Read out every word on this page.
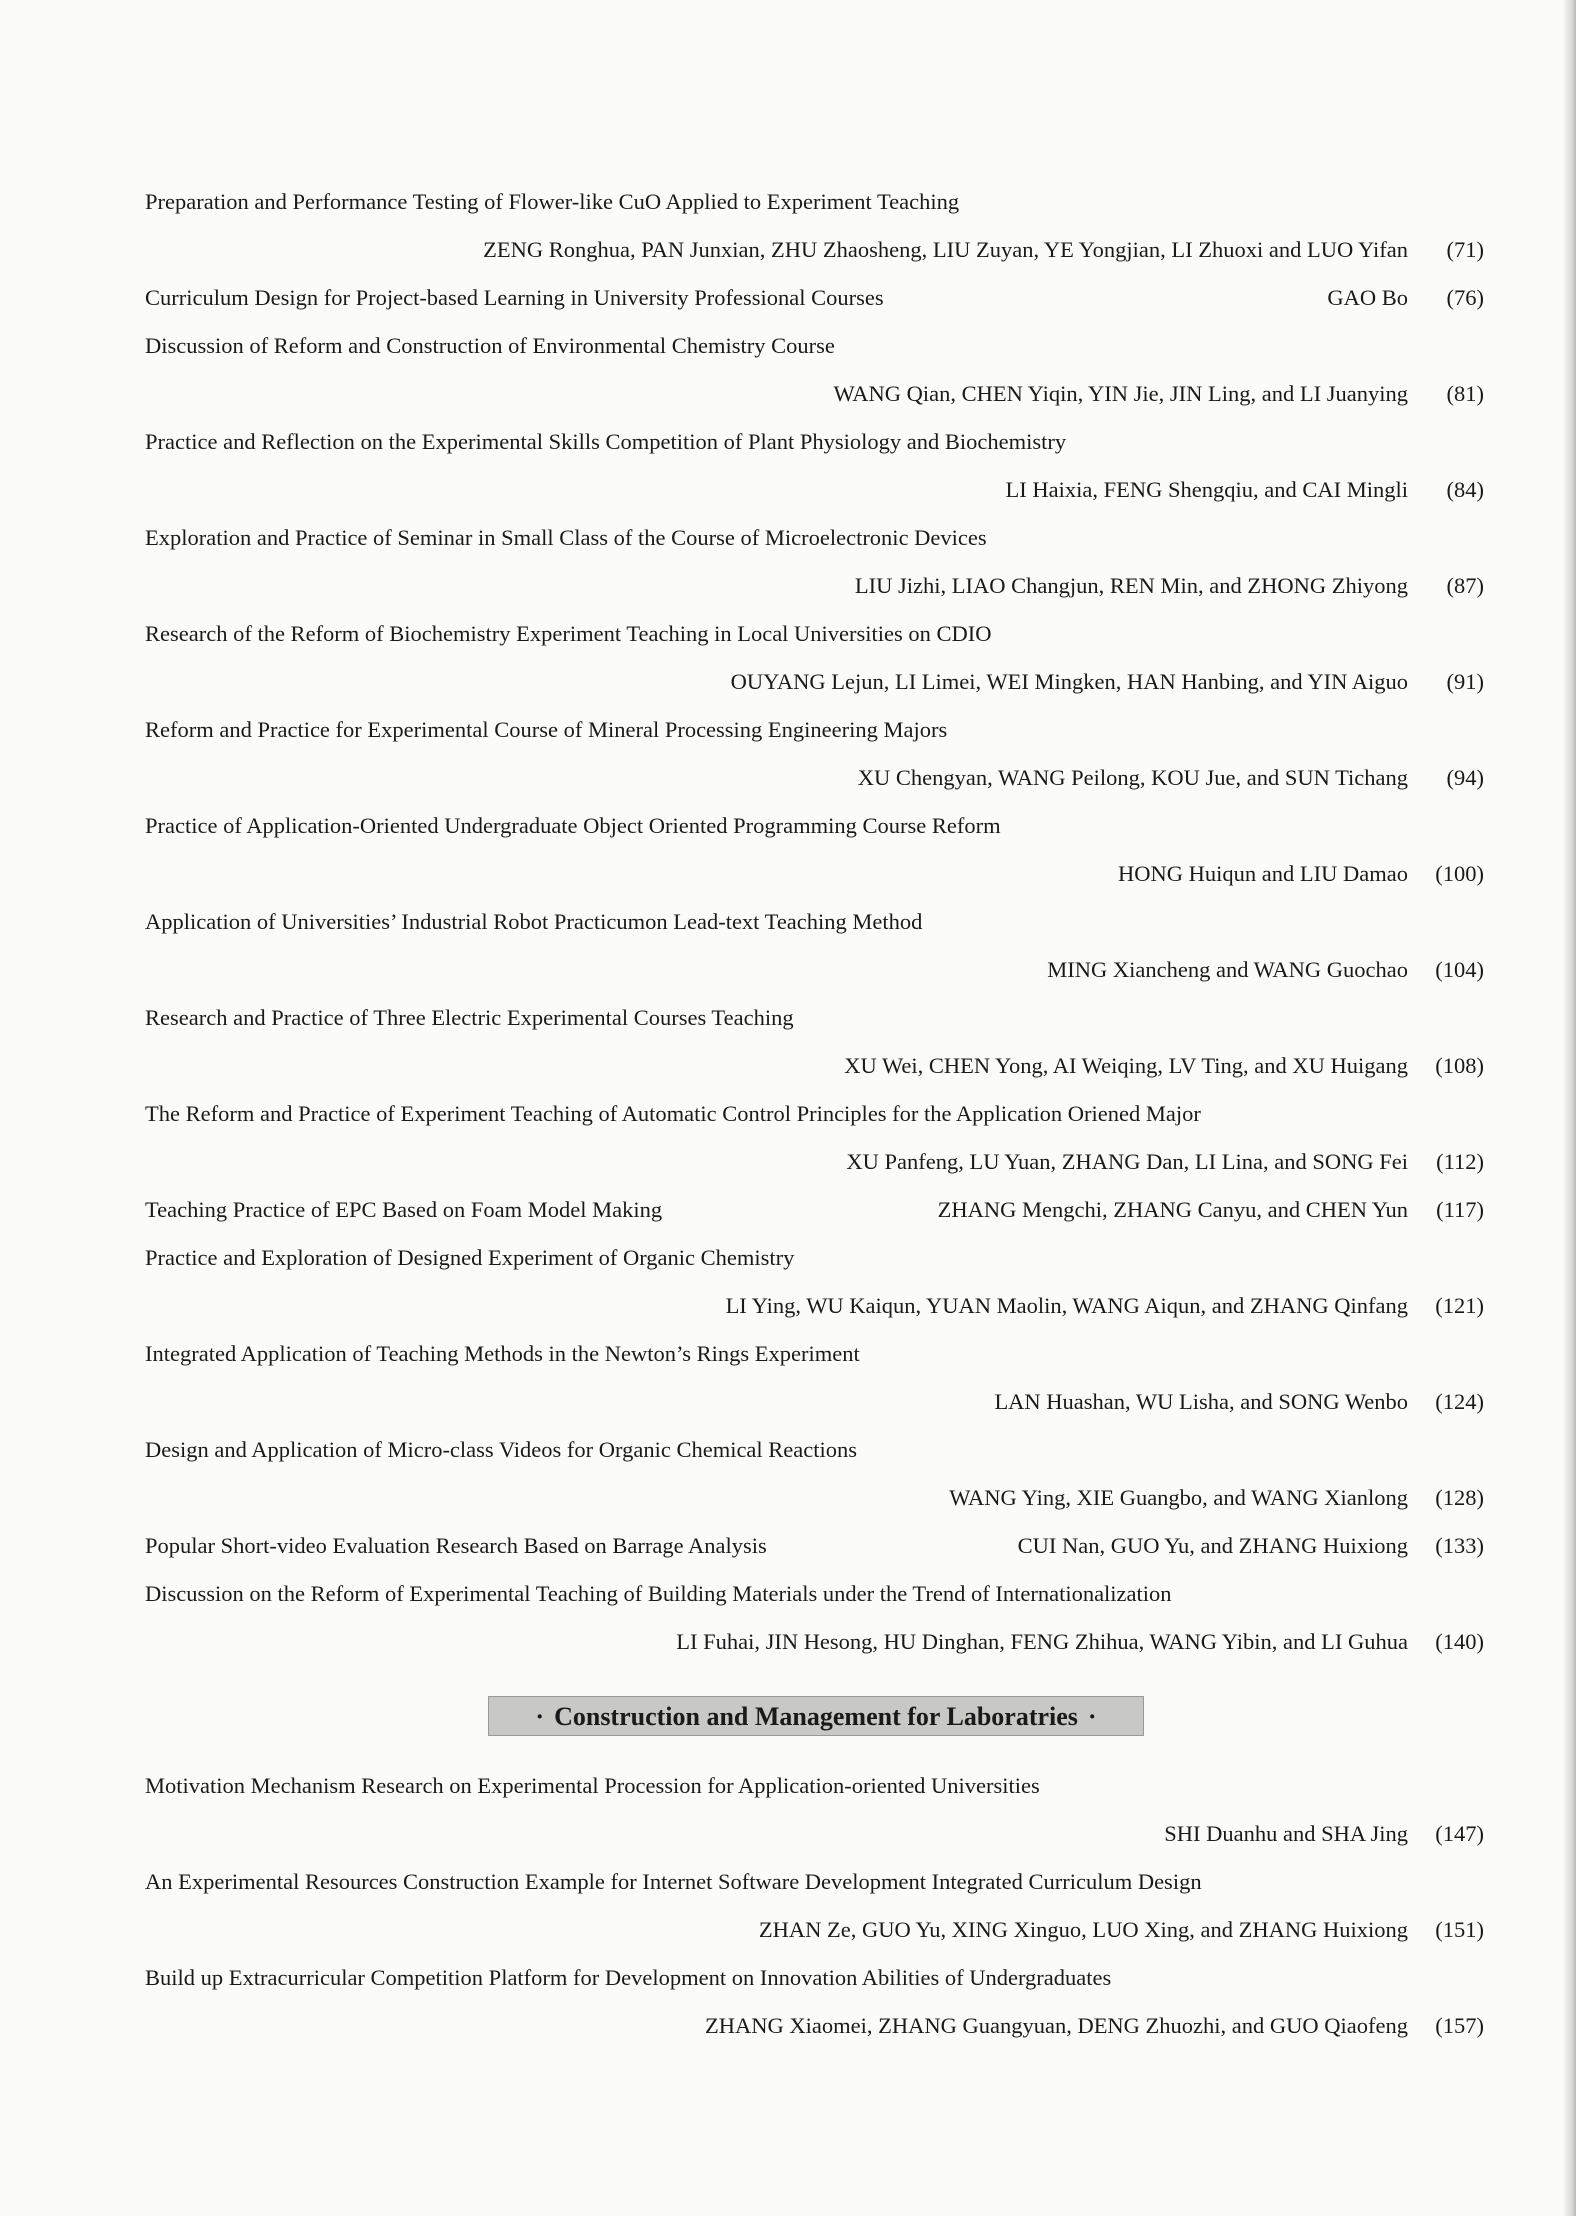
Preparation and Performance Testing of Flower-like CuO Applied to Experiment Teaching
ZENG Ronghua, PAN Junxian, ZHU Zhaosheng, LIU Zuyan, YE Yongjian, LI Zhuoxi and LUO Yifan	(71)
Curriculum Design for Project-based Learning in University Professional Courses	GAO Bo	(76)
Discussion of Reform and Construction of Environmental Chemistry Course
WANG Qian, CHEN Yiqin, YIN Jie, JIN Ling, and LI Juanying	(81)
Practice and Reflection on the Experimental Skills Competition of Plant Physiology and Biochemistry
LI Haixia, FENG Shengqiu, and CAI Mingli	(84)
Exploration and Practice of Seminar in Small Class of the Course of Microelectronic Devices
LIU Jizhi, LIAO Changjun, REN Min, and ZHONG Zhiyong	(87)
Research of the Reform of Biochemistry Experiment Teaching in Local Universities on CDIO
OUYANG Lejun, LI Limei, WEI Mingken, HAN Hanbing, and YIN Aiguo	(91)
Reform and Practice for Experimental Course of Mineral Processing Engineering Majors
XU Chengyan, WANG Peilong, KOU Jue, and SUN Tichang	(94)
Practice of Application-Oriented Undergraduate Object Oriented Programming Course Reform
HONG Huiqun and LIU Damao	(100)
Application of Universities’ Industrial Robot Practicumon Lead-text Teaching Method
MING Xiancheng and WANG Guochao	(104)
Research and Practice of Three Electric Experimental Courses Teaching
XU Wei, CHEN Yong, AI Weiqing, LV Ting, and XU Huigang	(108)
The Reform and Practice of Experiment Teaching of Automatic Control Principles for the Application Oriened Major
XU Panfeng, LU Yuan, ZHANG Dan, LI Lina, and SONG Fei	(112)
Teaching Practice of EPC Based on Foam Model Making	ZHANG Mengchi, ZHANG Canyu, and CHEN Yun	(117)
Practice and Exploration of Designed Experiment of Organic Chemistry
LI Ying, WU Kaiqun, YUAN Maolin, WANG Aiqun, and ZHANG Qinfang	(121)
Integrated Application of Teaching Methods in the Newton’s Rings Experiment
LAN Huashan, WU Lisha, and SONG Wenbo	(124)
Design and Application of Micro-class Videos for Organic Chemical Reactions
WANG Ying, XIE Guangbo, and WANG Xianlong	(128)
Popular Short-video Evaluation Research Based on Barrage Analysis	CUI Nan, GUO Yu, and ZHANG Huixiong	(133)
Discussion on the Reform of Experimental Teaching of Building Materials under the Trend of Internationalization
LI Fuhai, JIN Hesong, HU Dinghan, FENG Zhihua, WANG Yibin, and LI Guhua	(140)
· Construction and Management for Laboratries ·
Motivation Mechanism Research on Experimental Procession for Application-oriented Universities
SHI Duanhu and SHA Jing	(147)
An Experimental Resources Construction Example for Internet Software Development Integrated Curriculum Design
ZHAN Ze, GUO Yu, XING Xinguo, LUO Xing, and ZHANG Huixiong	(151)
Build up Extracurricular Competition Platform for Development on Innovation Abilities of Undergraduates
ZHANG Xiaomei, ZHANG Guangyuan, DENG Zhuozhi, and GUO Qiaofeng	(157)
